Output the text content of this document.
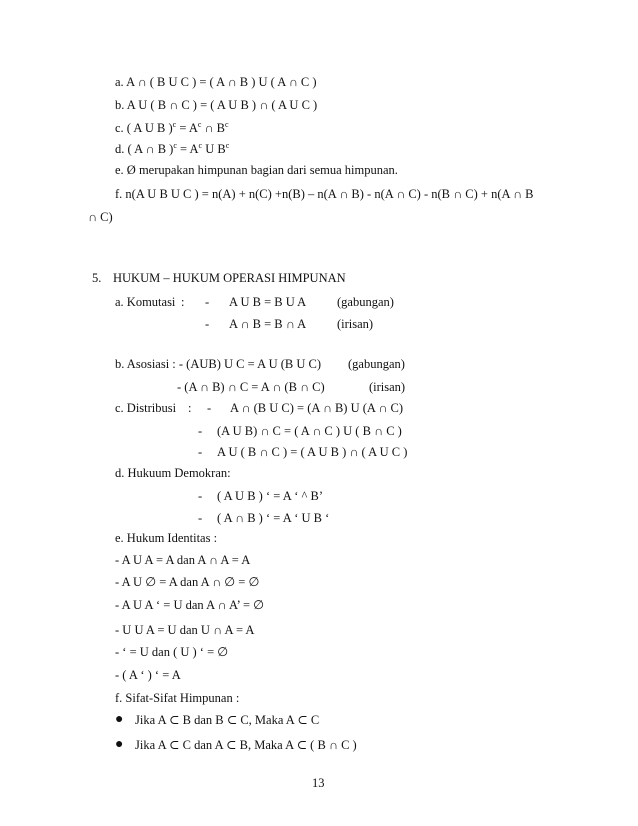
a. A ∩ ( B U C ) = ( A ∩ B ) U ( A ∩ C )
b. A U ( B ∩ C ) = ( A U B ) ∩ ( A U C )
c. ( A U B )$^c = A^c$ ∩ $B^c$
d. ( A ∩ B )$^c = A^c$ U $B^c$
e. Ø merupakan himpunan bagian dari semua himpunan.
f. n(A U B U C ) = n(A) + n(C) +n(B) – n(A ∩ B) - n(A ∩ C) - n(B ∩ C) + n(A ∩ B
∩ C)
5. HUKUM – HUKUM OPERASI HIMPUNAN
a. Komutasi : - A U B = B U A (gabungan)
- A ∩ B = B ∩ A (irisan)
b. Asosiasi : - (AUB) U C = A U (B U C) (gabungan)
- (A ∩ B) ∩ C = A ∩ (B ∩ C)	(irisan)
c. Distribusi : - A ∩ (B U C) = (A ∩ B) U (A ∩ C)
- (A U B) ∩ C = ( A ∩ C ) U ( B ∩ C )
- A U ( B ∩ C ) = ( A U B ) ∩ ( A U C )
d. Hukuum Demokran:
- ( A U B ) ‘ = A ‘ ^ B’
- ( A ∩ B ) ‘ = A ‘ U B ‘
e. Hukum Identitas :
- A U A = A dan A ∩ A = A
- A U ∅ = A dan A ∩ ∅ = ∅
- A U A ‘ = U dan A ∩ A’ = ∅
- U U A = U dan U ∩ A = A
- ‘ = U dan ( U ) ‘ = ∅
- ( A ‘ ) ‘ = A
f. Sifat-Sifat Himpunan :
● Jika A ⊂ B dan B ⊂ C, Maka A ⊂ C
● Jika A ⊂ C dan A ⊂ B, Maka A ⊂ ( B ∩ C )
13
